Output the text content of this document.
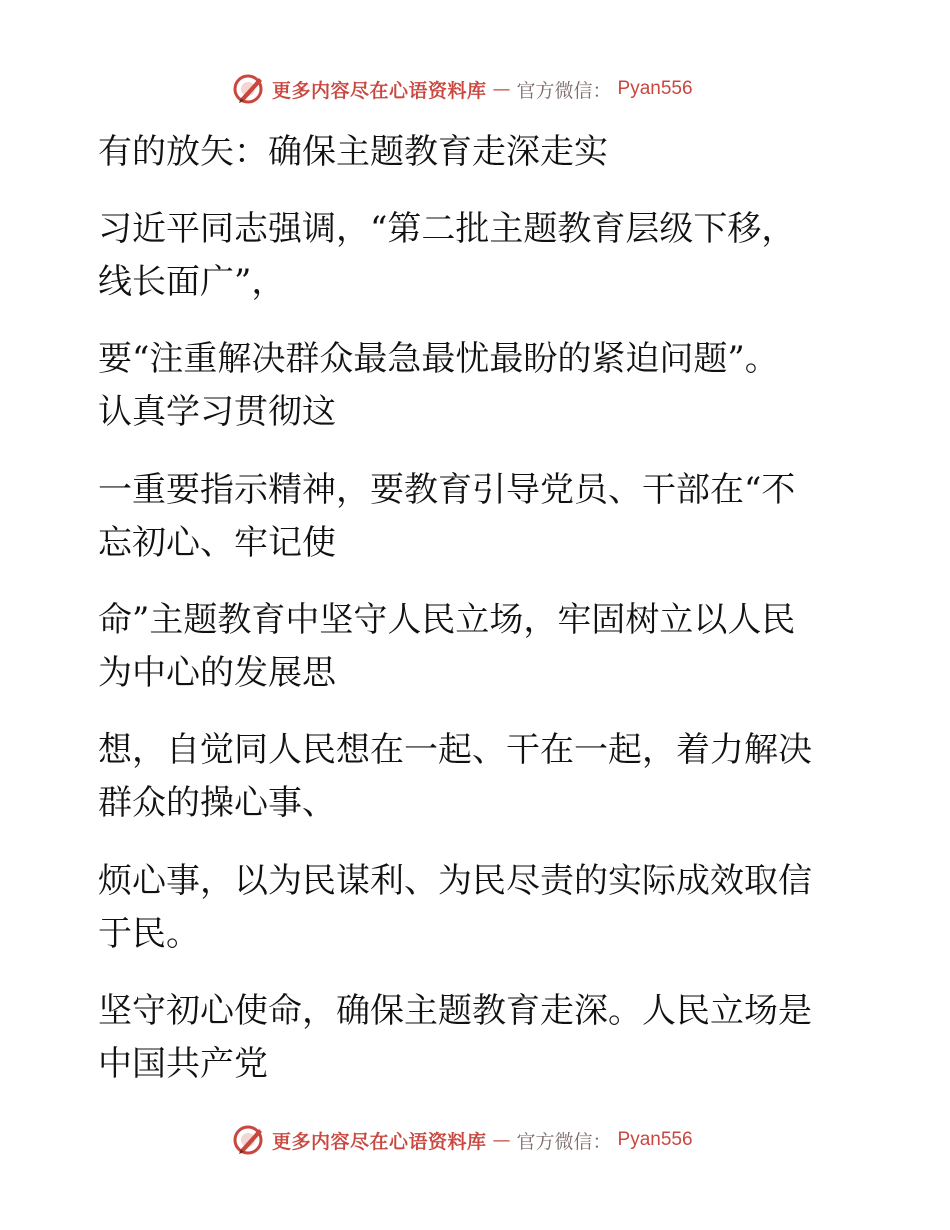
更多内容尽在心语资料库 — 官方微信： Pyan556
有的放矢：确保主题教育走深走实
习近平同志强调，“第二批主题教育层级下移，
线长面广”，
要“注重解决群众最急最忧最盼的紧迫问题”。
认真学习贯彻这
一重要指示精神，要教育引导党员、干部在“不
忘初心、牢记使
命”主题教育中坚守人民立场，牢固树立以人民
为中心的发展思
想，自觉同人民想在一起、干在一起，着力解决
群众的操心事、
烦心事，以为民谋利、为民尽责的实际成效取信
于民。
坚守初心使命，确保主题教育走深。人民立场是
中国共产党
更多内容尽在心语资料库 — 官方微信： Pyan556
